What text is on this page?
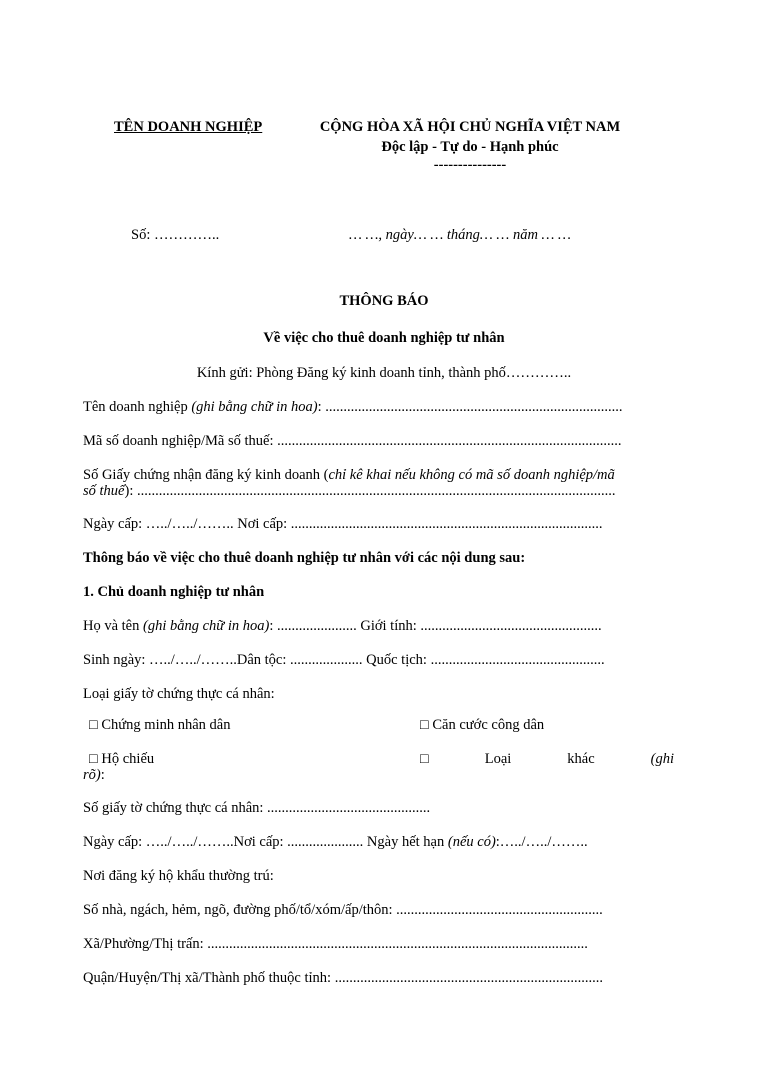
TÊN DOANH NGHIỆP	CỘNG HÒA XÃ HỘI CHỦ NGHĨA VIỆT NAM
Độc lập - Tự do - Hạnh phúc
---------------
Số: …………..	… …, ngày… … tháng… … năm … …
THÔNG BÁO
Về việc cho thuê doanh nghiệp tư nhân
Kính gửi: Phòng Đăng ký kinh doanh tỉnh, thành phố…………..
Tên doanh nghiệp (ghi bằng chữ in hoa): ..................................................................................
Mã số doanh nghiệp/Mã số thuế: ...............................................................................................
Số Giấy chứng nhận đăng ký kinh doanh (chỉ kê khai nếu không có mã số doanh nghiệp/mã
số thuế): ....................................................................................................................................
Ngày cấp: …../…../…….. Nơi cấp: ......................................................................................
Thông báo về việc cho thuê doanh nghiệp tư nhân với các nội dung sau:
1. Chủ doanh nghiệp tư nhân
Họ và tên (ghi bằng chữ in hoa): ...................... Giới tính: ..................................................
Sinh ngày: …../…../……..Dân tộc: .................... Quốc tịch: ................................................
Loại giấy tờ chứng thực cá nhân:
□ Chứng minh nhân dân	□ Căn cước công dân
□ Hộ chiếu	□	Loại	khác	(ghi
rõ):
Số giấy tờ chứng thực cá nhân: .............................................
Ngày cấp: …../…../……..Nơi cấp: ..................... Ngày hết hạn (nếu có):…../…../……..
Nơi đăng ký hộ khẩu thường trú:
Số nhà, ngách, hẻm, ngõ, đường phố/tổ/xóm/ấp/thôn: .........................................................
Xã/Phường/Thị trấn: .........................................................................................................
Quận/Huyện/Thị xã/Thành phố thuộc tỉnh: ..........................................................................
